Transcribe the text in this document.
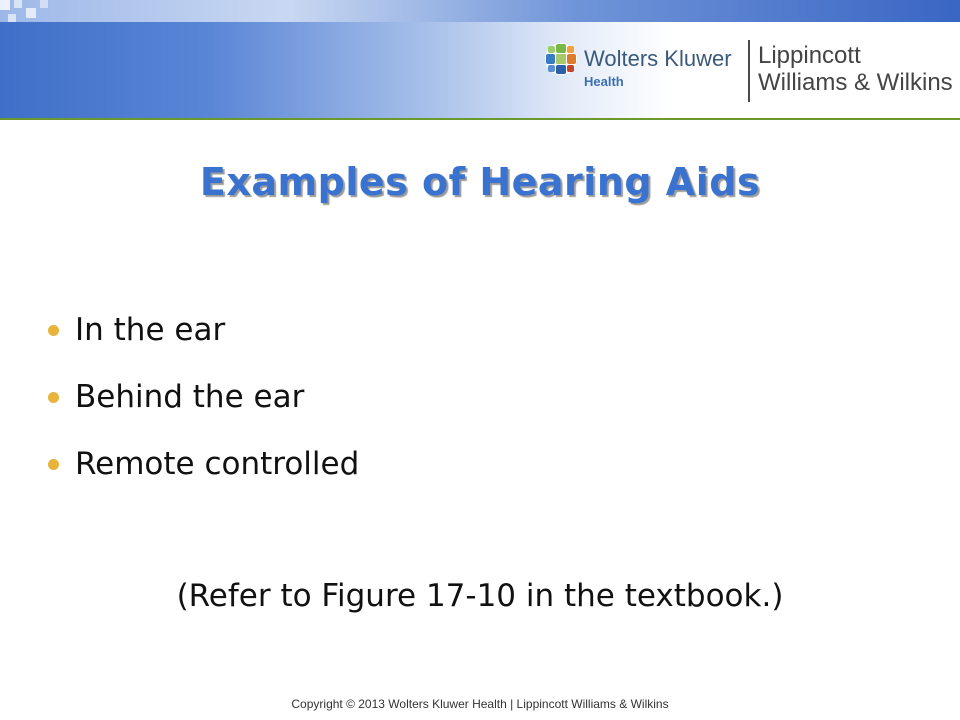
Wolters Kluwer
Health
Lippincott
Williams & Wilkins
Examples of Hearing Aids
In the ear
Behind the ear
Remote controlled
(Refer to Figure 17-10 in the textbook.)
Copyright © 2013 Wolters Kluwer Health | Lippincott Williams & Wilkins
